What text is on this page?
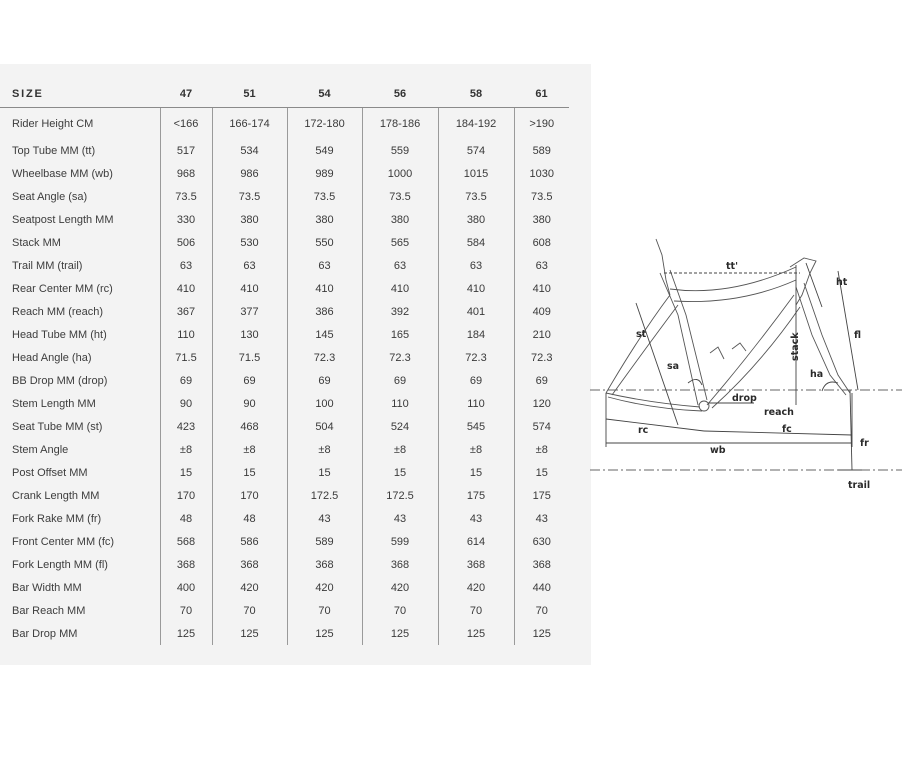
SIZE	47	51	54	56	58	61
Rider Height CM	<166	166-174	172-180	178-186	184-192	>190
Top Tube MM (tt)	517	534	549	559	574	589
Wheelbase MM (wb)	968	986	989	1000	1015	1030
Seat Angle (sa)	73.5	73.5	73.5	73.5	73.5	73.5
Seatpost Length MM	330	380	380	380	380	380
Stack MM	506	530	550	565	584	608
Trail MM (trail)	63	63	63	63	63	63
Rear Center MM (rc)	410	410	410	410	410	410
Reach MM (reach)	367	377	386	392	401	409
Head Tube MM (ht)	110	130	145	165	184	210
Head Angle (ha)	71.5	71.5	72.3	72.3	72.3	72.3
BB Drop MM (drop)	69	69	69	69	69	69
Stem Length MM	90	90	100	110	110	120
Seat Tube MM (st)	423	468	504	524	545	574
Stem Angle	±8	±8	±8	±8	±8	±8
Post Offset MM	15	15	15	15	15	15
Crank Length MM	170	170	172.5	172.5	175	175
Fork Rake MM (fr)	48	48	43	43	43	43
Front Center MM (fc)	568	586	589	599	614	630
Fork Length MM (fl)	368	368	368	368	368	368
Bar Width MM	400	420	420	420	420	440
Bar Reach MM	70	70	70	70	70	70
Bar Drop MM	125	125	125	125	125	125
tt'
ht
st	fl
stack
sa
ha
drop
reach
rc	fc
wb
fr
trail
